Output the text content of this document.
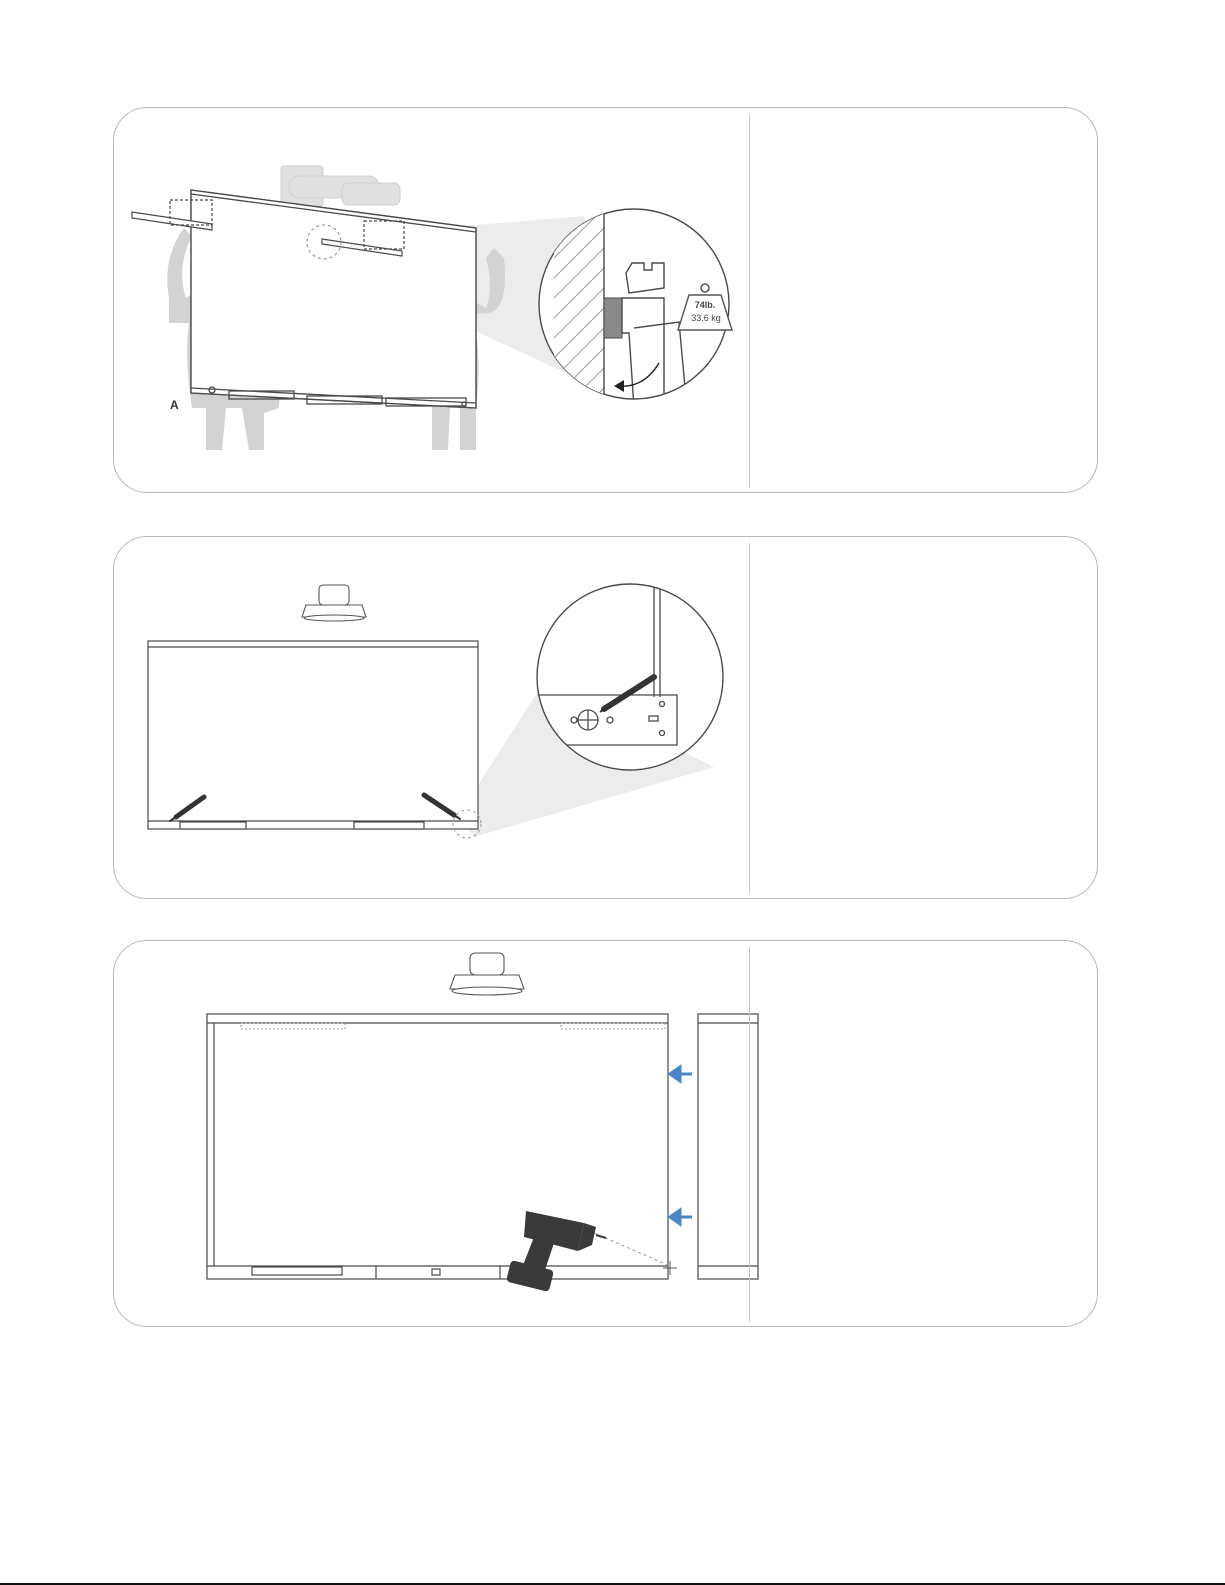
A
74lb.
33.6 kg
